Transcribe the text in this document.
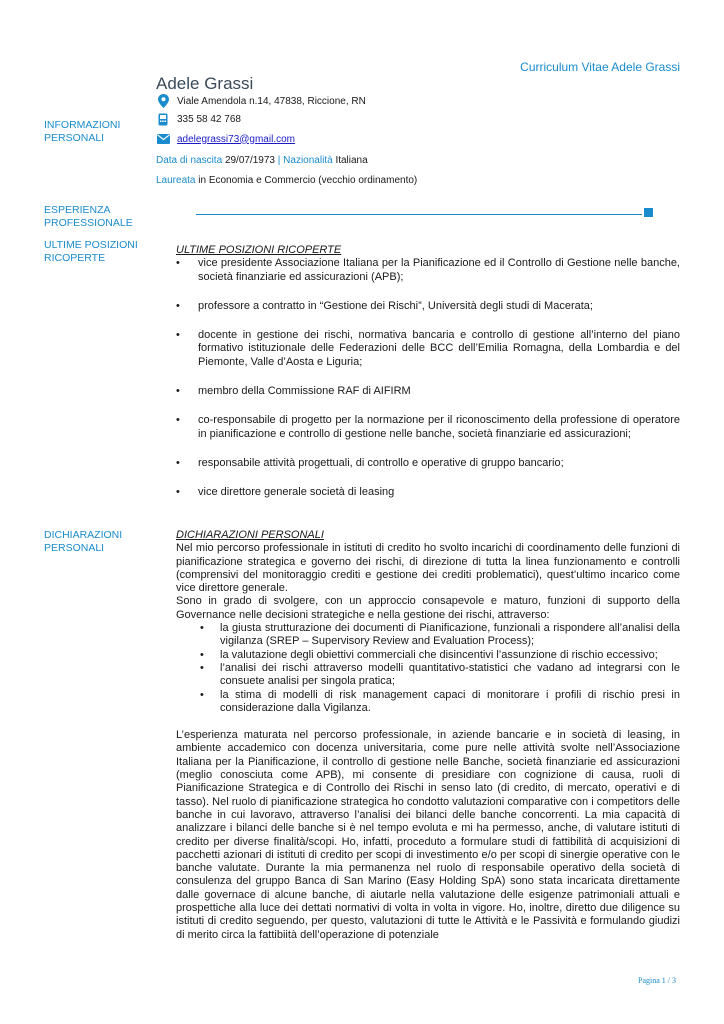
Curriculum Vitae Adele Grassi
Adele Grassi
INFORMAZIONI PERSONALI
Viale Amendola n.14, 47838, Riccione, RN
335 58 42 768
adelegrassi73@gmail.com
Data di nascita 29/07/1973 | Nazionalità Italiana
Laureata in Economia e Commercio (vecchio ordinamento)
ESPERIENZA PROFESSIONALE
ULTIME POSIZIONI RICOPERTE

ULTIME POSIZIONI RICOPERTE

• vice presidente Associazione Italiana per la Pianificazione ed il Controllo di Gestione nelle banche, società finanziarie ed assicurazioni (APB);
• professore a contratto in “Gestione dei Rischi”, Università degli studi di Macerata;
• docente in gestione dei rischi, normativa bancaria e controllo di gestione all’interno del piano formativo istituzionale delle Federazioni delle BCC dell’Emilia Romagna, della Lombardia e del Piemonte, Valle d’Aosta e Liguria;
• membro della Commissione RAF di AIFIRM
• co-responsabile di progetto per la normazione per il riconoscimento della professione di operatore in pianificazione e controllo di gestione nelle banche, società finanziarie ed assicurazioni;
• responsabile attività progettuali, di controllo e operative di gruppo bancario;
• vice direttore generale società di leasing
DICHIARAZIONI PERSONALI

DICHIARAZIONI PERSONALI

Nel mio percorso professionale in istituti di credito ho svolto incarichi di coordinamento delle funzioni di pianificazione strategica e governo dei rischi, di direzione di tutta la linea funzionamento e controlli (comprensivi del monitoraggio crediti e gestione dei crediti problematici), quest’ultimo incarico come vice direttore generale.

Sono in grado di svolgere, con un approccio consapevole e maturo, funzioni di supporto della Governance nelle decisioni strategiche e nella gestione dei rischi, attraverso:

• la giusta strutturazione dei documenti di Pianificazione, funzionali a rispondere all’analisi della vigilanza (SREP – Supervisory Review and Evaluation Process);
• la valutazione degli obiettivi commerciali che disincentivi l’assunzione di rischio eccessivo;
• l’analisi dei rischi attraverso modelli quantitativo-statistici che vadano ad integrarsi con le consuete analisi per singola pratica;
• la stima di modelli di risk management capaci di monitorare i profili di rischio presi in considerazione dalla Vigilanza.

L’esperienza maturata nel percorso professionale, in aziende bancarie e in società di leasing, in ambiente accademico con docenza universitaria, come pure nelle attività svolte nell’Associazione Italiana per la Pianificazione, il controllo di gestione nelle Banche, società finanziarie ed assicurazioni (meglio conosciuta come APB), mi consente di presidiare con cognizione di causa, ruoli di Pianificazione Strategica e di Controllo dei Rischi in senso lato (di credito, di mercato, operativi e di tasso). Nel ruolo di pianificazione strategica ho condotto valutazioni comparative con i competitors delle banche in cui lavoravo, attraverso l’analisi dei bilanci delle banche concorrenti. La mia capacità di analizzare i bilanci delle banche si è nel tempo evoluta e mi ha permesso, anche, di valutare istituti di credito per diverse finalità/scopi. Ho, infatti, proceduto a formulare studi di fattibilità di acquisizioni di pacchetti azionari di istituti di credito per scopi di investimento e/o per scopi di sinergie operative con le banche valutate. Durante la mia permanenza nel ruolo di responsabile operativo della società di consulenza del gruppo Banca di San Marino (Easy Holding SpA) sono stata incaricata direttamente dalle governace di alcune banche, di aiutarle nella valutazione delle esigenze patrimoniali attuali e prospettiche alla luce dei dettati normativi di volta in volta in vigore. Ho, inoltre, diretto due diligence su istituti di credito seguendo, per questo, valutazioni di tutte le Attività e le Passività e formulando giudizi di merito circa la fattibiità dell’operazione di potenziale

Pagina 1 / 3
